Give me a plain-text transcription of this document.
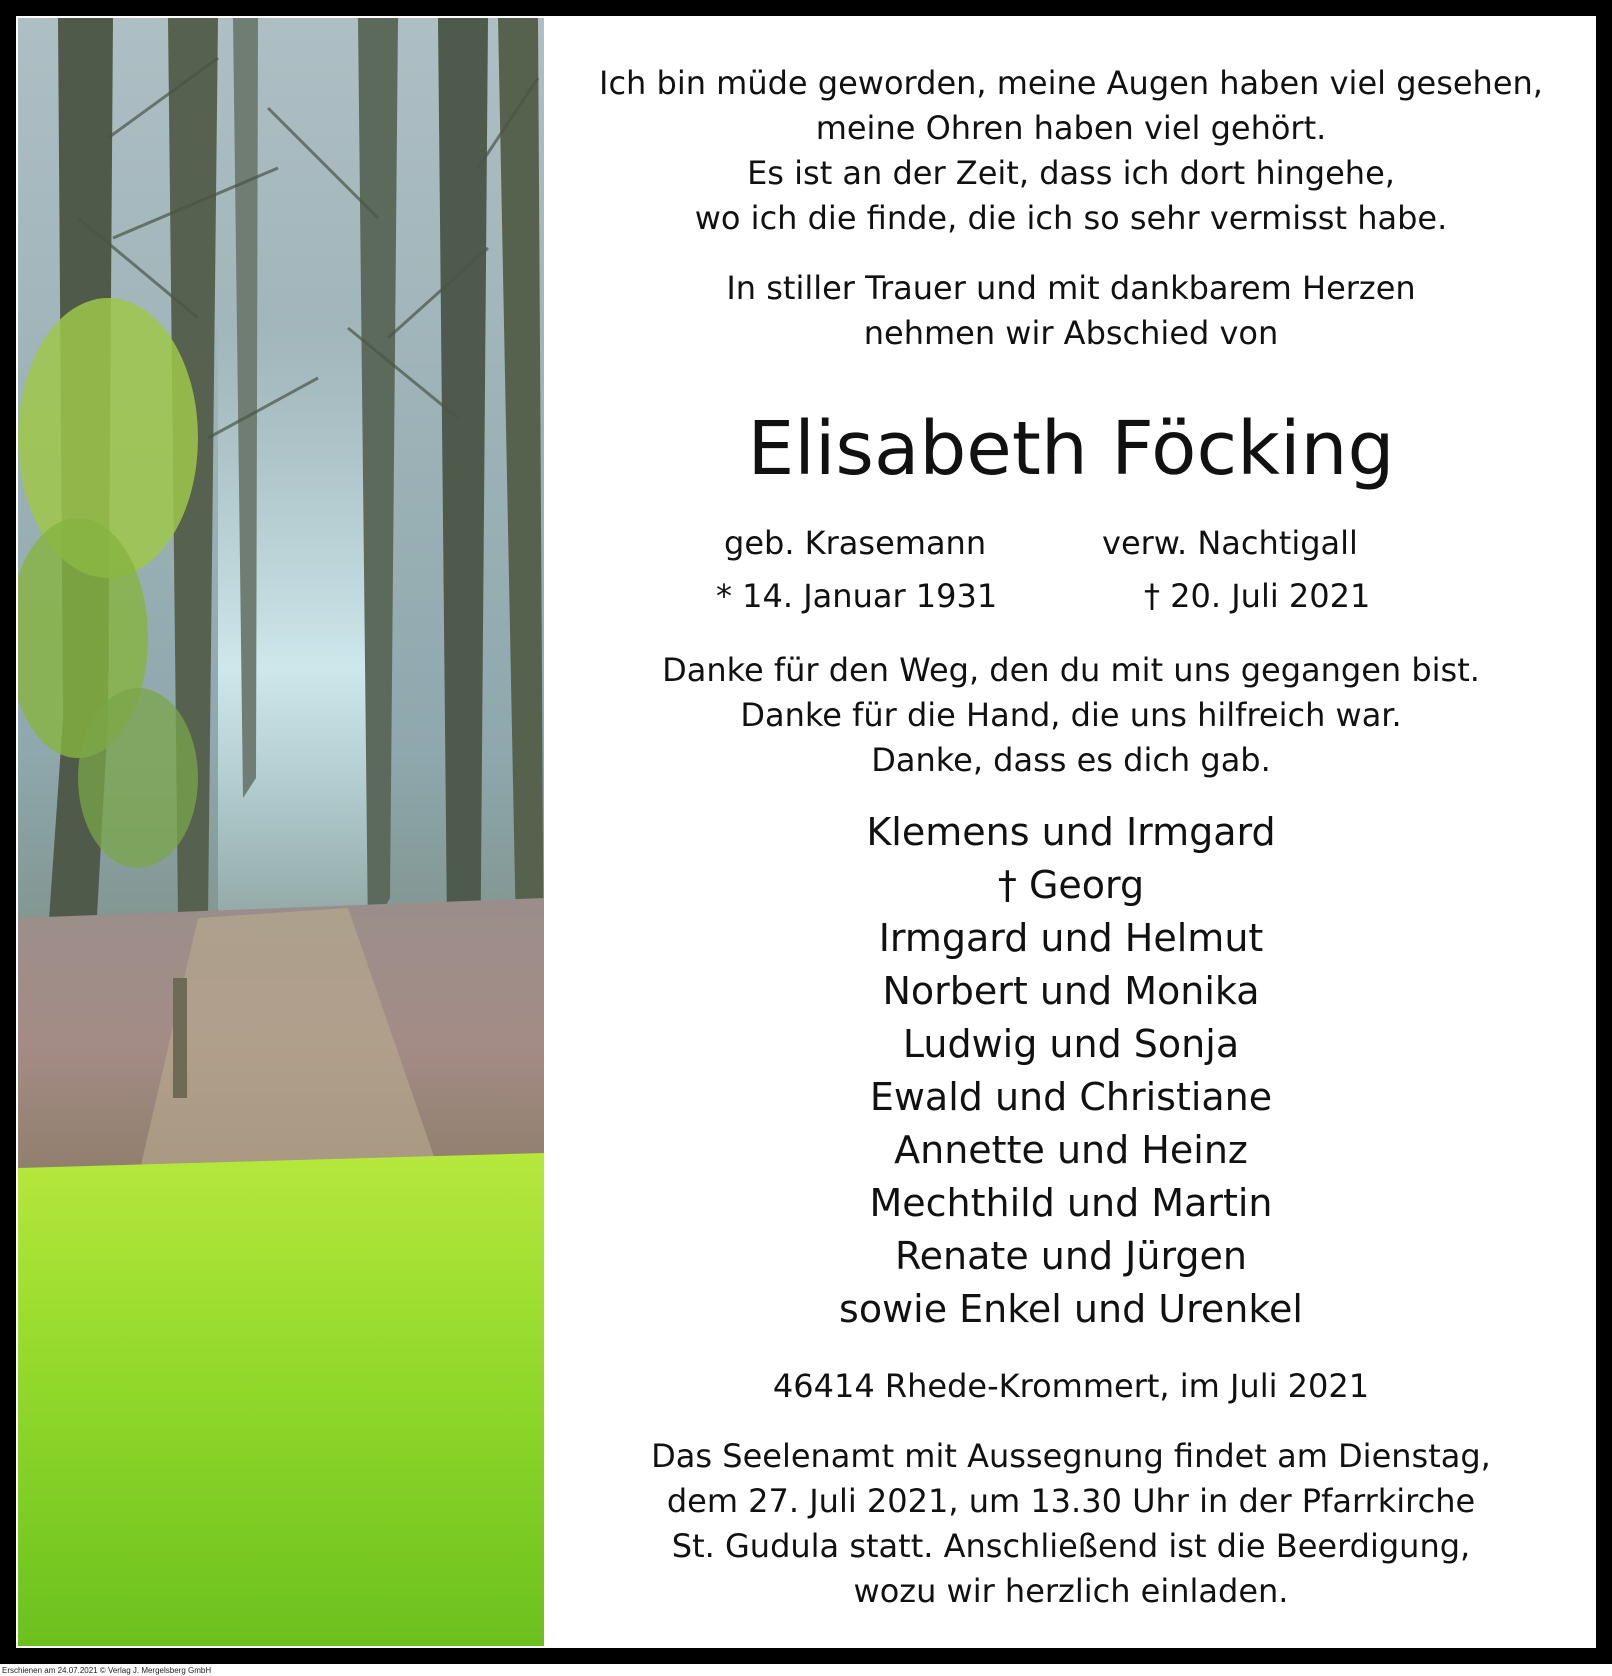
Ich bin müde geworden, meine Augen haben viel gesehen,
meine Ohren haben viel gehört.
Es ist an der Zeit, dass ich dort hingehe,
wo ich die finde, die ich so sehr vermisst habe.
In stiller Trauer und mit dankbarem Herzen
nehmen wir Abschied von
Elisabeth Föcking
geb. Krasemann	verw. Nachtigall
* 14. Januar 1931	† 20. Juli 2021
Danke für den Weg, den du mit uns gegangen bist.
Danke für die Hand, die uns hilfreich war.
Danke, dass es dich gab.
Klemens und Irmgard
† Georg
Irmgard und Helmut
Norbert und Monika
Ludwig und Sonja
Ewald und Christiane
Annette und Heinz
Mechthild und Martin
Renate und Jürgen
sowie Enkel und Urenkel
46414 Rhede-Krommert, im Juli 2021
Das Seelenamt mit Aussegnung findet am Dienstag,
dem 27. Juli 2021, um 13.30 Uhr in der Pfarrkirche
St. Gudula statt. Anschließend ist die Beerdigung,
wozu wir herzlich einladen.
Erschienen am 24.07.2021 © Verlag J. Mergelsberg GmbH
